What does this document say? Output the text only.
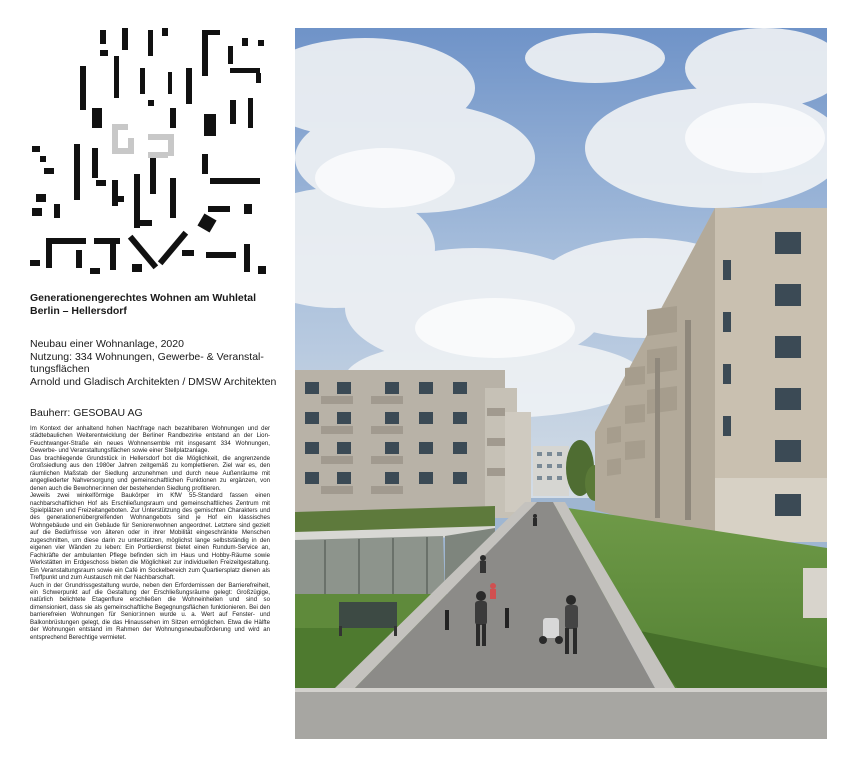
Generationengerechtes Wohnen am Wuhletal
Berlin – Hellersdorf
Neubau einer Wohnanlage, 2020
Nutzung: 334 Wohnungen, Gewerbe- & Veranstal-
tungsflächen
Arnold und Gladisch Architekten / DMSW Architekten
Bauherr: GESOBAU AG

Im Kontext der anhaltend hohen Nachfrage nach bezahlbaren Wohnungen und der städtebaulichen Weiterentwicklung der Berliner Randbezirke entstand an der Lion-Feuchtwanger-Straße ein neues Wohnensemble mit insgesamt 334 Wohnungen, Gewerbe- und Veranstaltungsflächen sowie einer Stellplatzanlage.

Das brachliegende Grundstück in Hellersdorf bot die Möglichkeit, die angrenzende Großsiedlung aus den 1980er Jahren zeitgemäß zu komplettieren. Ziel war es, den räumlichen Maßstab der Siedlung anzunehmen und durch neue Außenräume mit angegliederter Nahversorgung und gemeinschaftlichen Funktionen zu ergänzen, von denen auch die Bewohner:innen der bestehenden Siedlung profitieren.

Jeweils zwei winkelförmige Baukörper im KfW 55-Standard fassen einen nachbarschaftlichen Hof als Erschließungsraum und gemeinschaftliches Zentrum mit Spielplätzen und Freizeitangeboten. Zur Unterstützung des gemischten Charakters und des generationenübergreifenden Wohnangebots sind je Hof ein klassisches Wohngebäude und ein Gebäude für Seniorenwohnen angeordnet. Letztere sind gezielt auf die Bedürfnisse von älteren oder in ihrer Mobilität eingeschränkte Menschen zugeschnitten, um diese darin zu unterstützen, möglichst lange selbstständig in den eigenen vier Wänden zu leben: Ein Portierdienst bietet einen Rundum-Service an, Fachkräfte der ambulanten Pflege befinden sich im Haus und Hobby-Räume sowie Werkstätten im Erdgeschoss bieten die Möglichkeit zur individuellen Freizeitgestaltung. Ein Veranstaltungsraum sowie ein Café im Sockelbereich zum Quartiersplatz dienen als Treffpunkt und zum Austausch mit der Nachbarschaft.

Auch in der Grundrissgestaltung wurde, neben den Erfordernissen der Barrierefreiheit, ein Schwerpunkt auf die Gestaltung der Erschließungsräume gelegt: Großzügige, natürlich belichtete Etagenflure erschließen die Wohneinheiten und sind so dimensioniert, dass sie als gemeinschaftliche Begegnungsflächen funktionieren. Bei den barrierefreien Wohnungen für Senior:innen wurde u. a. Wert auf Fenster- und Balkonbrüstungen gelegt, die das Hinaussehen im Sitzen ermöglichen. Etwa die Hälfte der Wohnungen entstand im Rahmen der Wohnungsneubauförderung und wird an entsprechend Berechtige vermietet.
